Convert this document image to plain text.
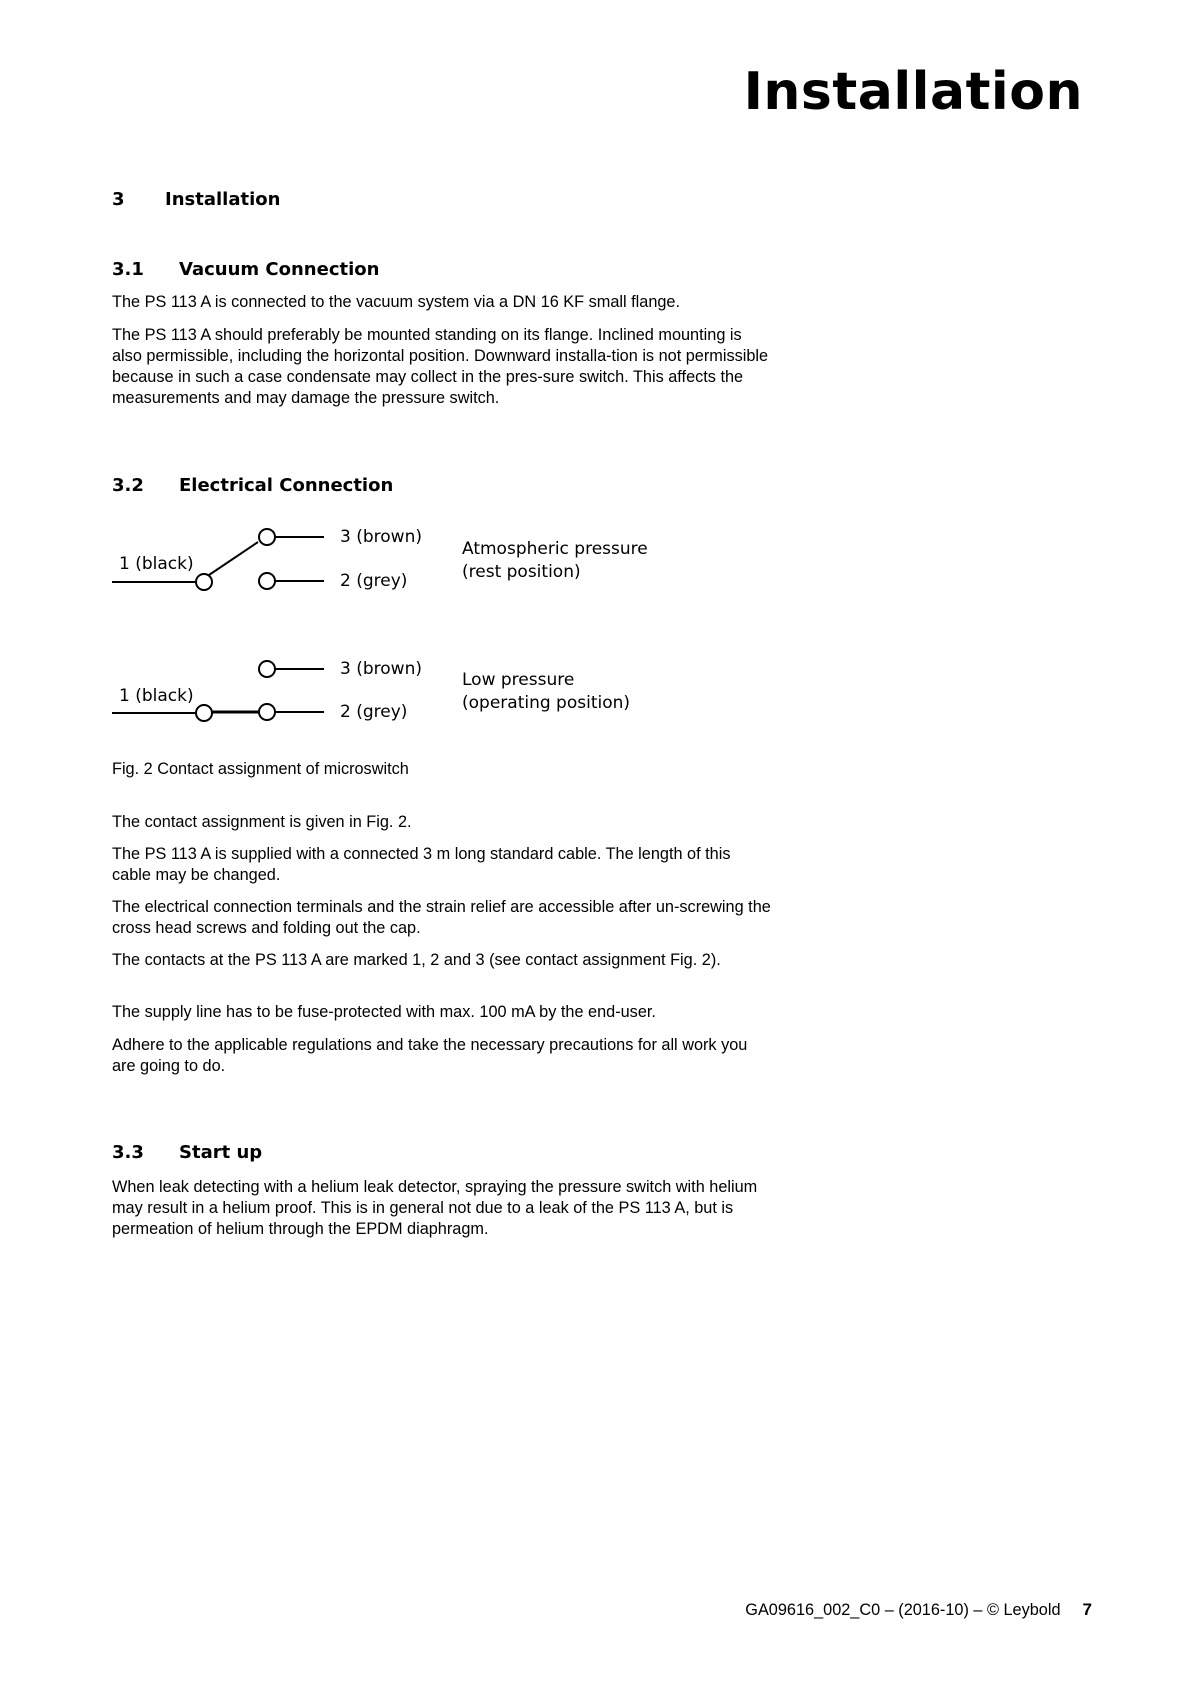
Installation
3 Installation
3.1 Vacuum Connection

The PS 113 A is connected to the vacuum system via a DN 16 KF small flange.

The PS 113 A should preferably be mounted standing on its flange. Inclined mounting is also permissible, including the horizontal position. Downward installa-tion is not permissible because in such a case condensate may collect in the pres-sure switch. This affects the measurements and may damage the pressure switch.

3.2 Electrical Connection
1 (black)
3 (brown)
2 (grey)
Atmospheric pressure
(rest position)
1 (black)
3 (brown)
2 (grey)
Low pressure
(operating position)
Fig. 2 Contact assignment of microswitch

The contact assignment is given in Fig. 2.

The PS 113 A is supplied with a connected 3 m long standard cable. The length of this cable may be changed.

The electrical connection terminals and the strain relief are accessible after un-screwing the cross head screws and folding out the cap.

The contacts at the PS 113 A are marked 1, 2 and 3 (see contact assignment Fig. 2).

The supply line has to be fuse-protected with max. 100 mA by the end-user.

Adhere to the applicable regulations and take the necessary precautions for all work you are going to do.

3.3 Start up

When leak detecting with a helium leak detector, spraying the pressure switch with helium may result in a helium proof. This is in general not due to a leak of the PS 113 A, but is permeation of helium through the EPDM diaphragm.

GA09616_002_C0 – (2016-10) – © Leybold 7
